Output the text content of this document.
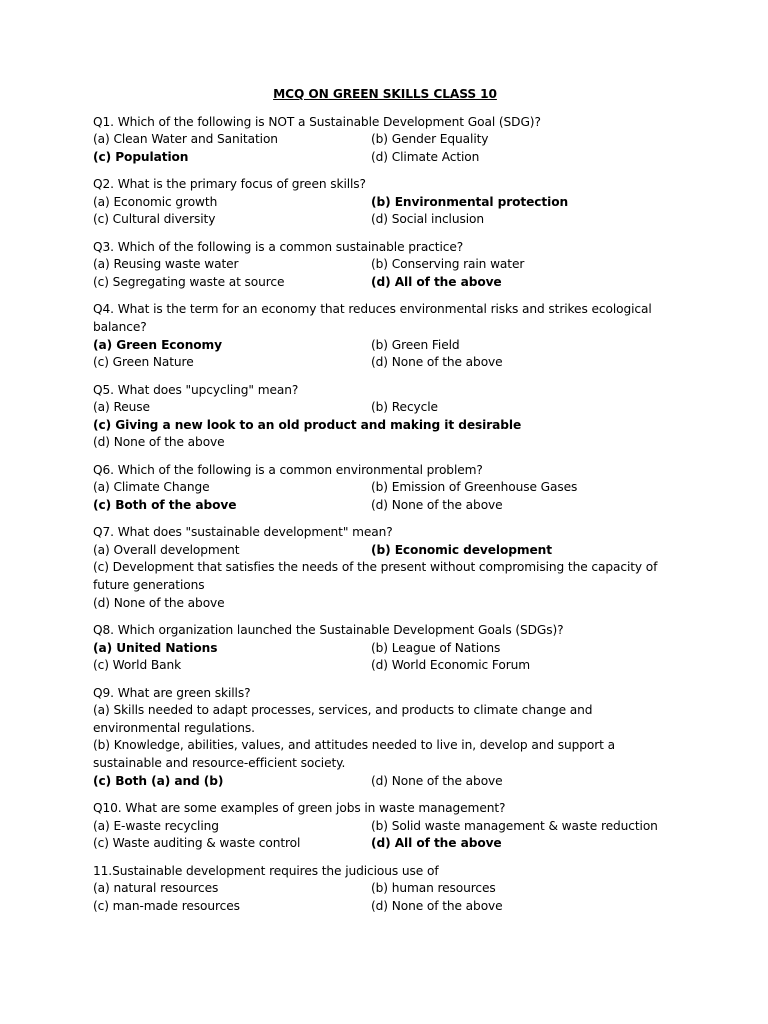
MCQ ON GREEN SKILLS CLASS 10

Q1. Which of the following is NOT a Sustainable Development Goal (SDG)?

(a) Clean Water and Sanitation	(b) Gender Equality
(c) Population	(d) Climate Action

Q2. What is the primary focus of green skills?

(a) Economic growth	(b) Environmental protection
(c) Cultural diversity	(d) Social inclusion

Q3. Which of the following is a common sustainable practice?

(a) Reusing waste water	(b) Conserving rain water
(c) Segregating waste at source	(d) All of the above

Q4. What is the term for an economy that reduces environmental risks and strikes ecological balance?

(a) Green Economy	(b) Green Field
(c) Green Nature	(d) None of the above

Q5. What does "upcycling" mean?

(a) Reuse	(b) Recycle

(c) Giving a new look to an old product and making it desirable

(d) None of the above

Q6. Which of the following is a common environmental problem?

(a) Climate Change	(b) Emission of Greenhouse Gases
(c) Both of the above	(d) None of the above

Q7. What does "sustainable development" mean?

(a) Overall development	(b) Economic development

(c) Development that satisfies the needs of the present without compromising the capacity of future generations

(d) None of the above

Q8. Which organization launched the Sustainable Development Goals (SDGs)?

(a) United Nations	(b) League of Nations
(c) World Bank	(d) World Economic Forum

Q9. What are green skills?

(a) Skills needed to adapt processes, services, and products to climate change and environmental regulations.

(b) Knowledge, abilities, values, and attitudes needed to live in, develop and support a sustainable and resource-efficient society.

(c) Both (a) and (b)	(d) None of the above

Q10. What are some examples of green jobs in waste management?

(a) E-waste recycling	(b) Solid waste management & waste reduction
(c) Waste auditing & waste control	(d) All of the above

11.Sustainable development requires the judicious use of

(a) natural resources	(b) human resources
(c) man-made resources	(d) None of the above
